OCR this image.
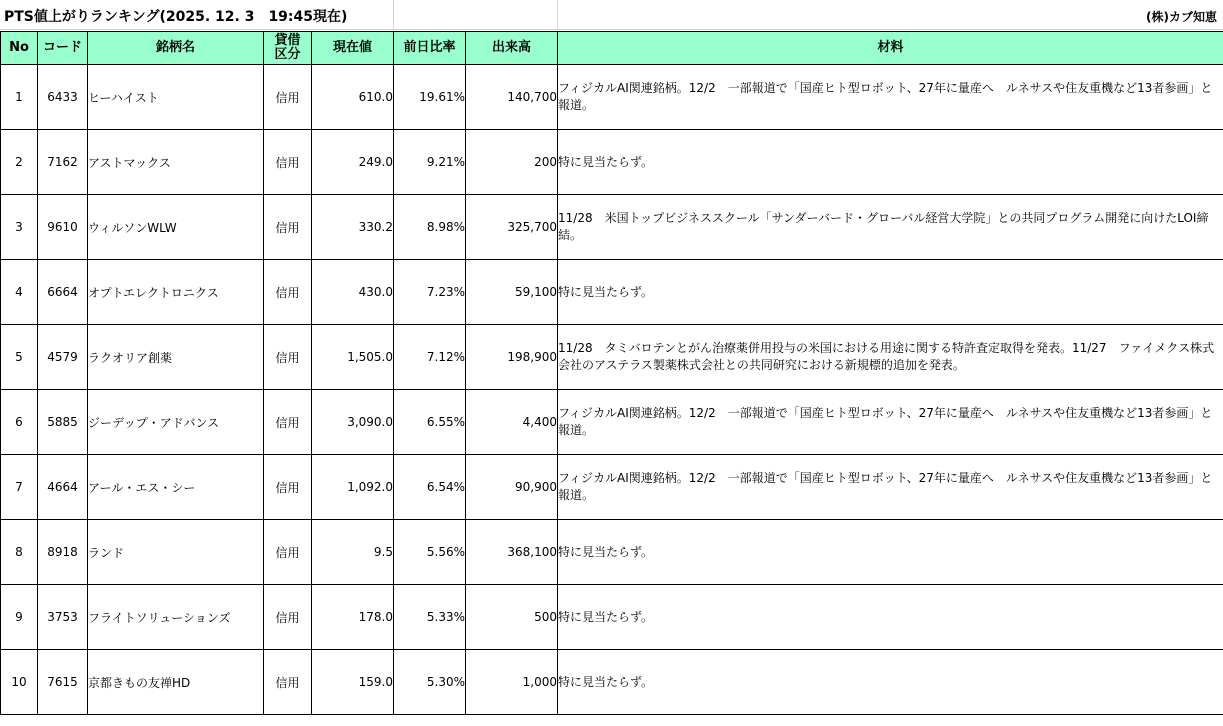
PTS値上がりランキング(2025. 12. 3　19:45現在)	(株)カブ知恵
No	コード	銘柄名	貸借区分	現在値	前日比率	出来高	材料
1	6433	ヒーハイスト	信用	610.0	19.61%	140,700	フィジカルAI関連銘柄。12/2　一部報道で「国産ヒト型ロボット、27年に量産へ　ルネサスや住友重機など13者参画」と報道。
2	7162	アストマックス	信用	249.0	9.21%	200	特に見当たらず。
3	9610	ウィルソンWLW	信用	330.2	8.98%	325,700	11/28　米国トップビジネススクール「サンダーバード・グローバル経営大学院」との共同プログラム開発に向けたLOI締結。
4	6664	オプトエレクトロニクス	信用	430.0	7.23%	59,100	特に見当たらず。
5	4579	ラクオリア創薬	信用	1,505.0	7.12%	198,900	11/28　タミバロテンとがん治療薬併用投与の米国における用途に関する特許査定取得を発表。11/27　ファイメクス株式会社のアステラス製薬株式会社との共同研究における新規標的追加を発表。
6	5885	ジーデップ・アドバンス	信用	3,090.0	6.55%	4,400	フィジカルAI関連銘柄。12/2　一部報道で「国産ヒト型ロボット、27年に量産へ　ルネサスや住友重機など13者参画」と報道。
7	4664	アール・エス・シー	信用	1,092.0	6.54%	90,900	フィジカルAI関連銘柄。12/2　一部報道で「国産ヒト型ロボット、27年に量産へ　ルネサスや住友重機など13者参画」と報道。
8	8918	ランド	信用	9.5	5.56%	368,100	特に見当たらず。
9	3753	フライトソリューションズ	信用	178.0	5.33%	500	特に見当たらず。
10	7615	京都きもの友禅HD	信用	159.0	5.30%	1,000	特に見当たらず。
